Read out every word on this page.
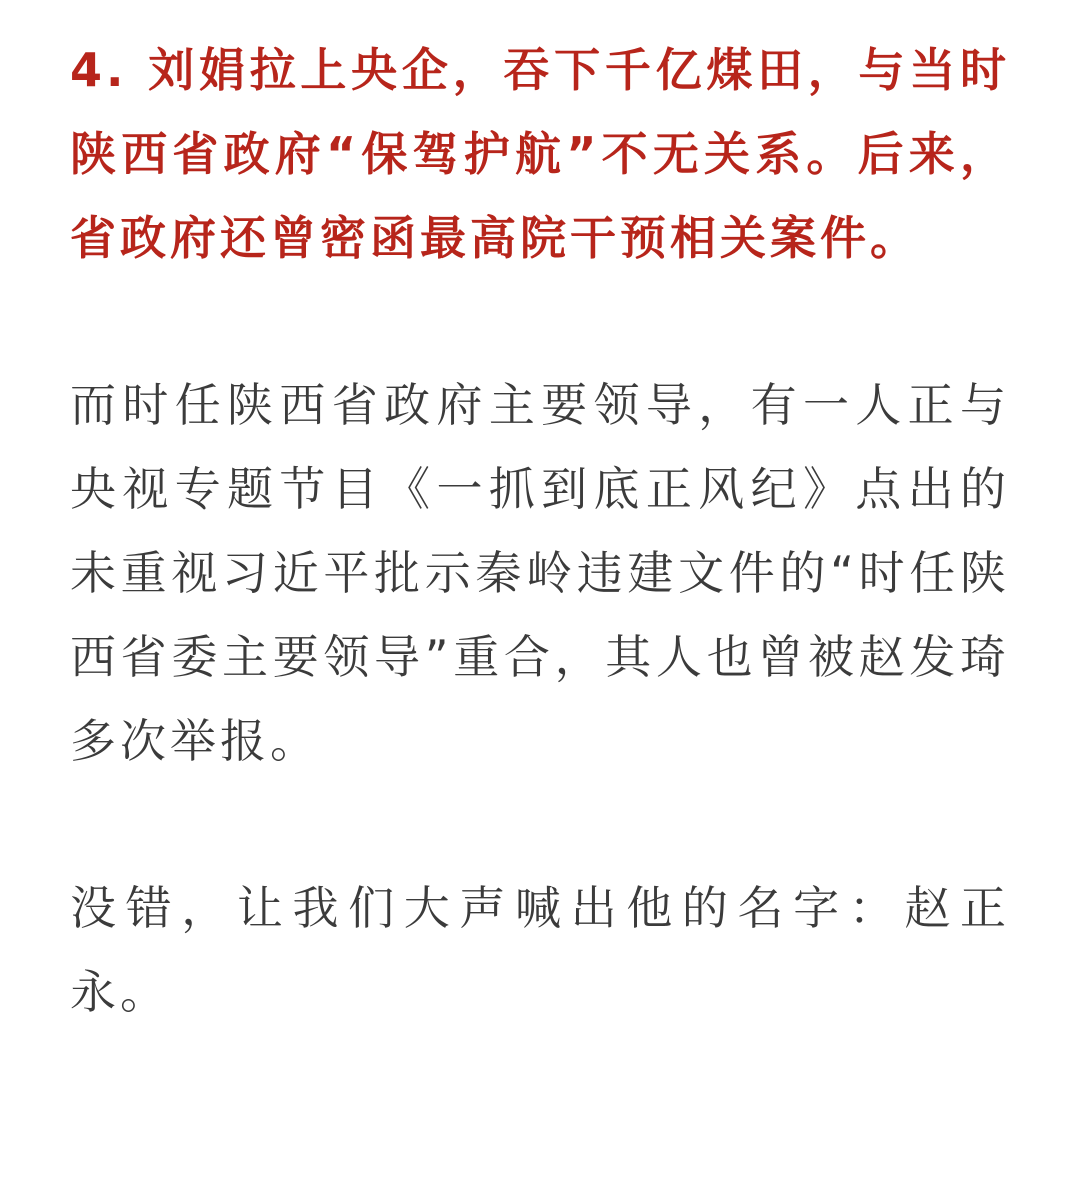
4. 刘娟拉上央企，吞下千亿煤田，与当时陕西省政府“保驾护航”不无关系。后来，省政府还曾密函最高院干预相关案件。

而时任陕西省政府主要领导，有一人正与央视专题节目《一抓到底正风纪》点出的未重视习近平批示秦岭违建文件的“时任陕西省委主要领导”重合，其人也曾被赵发琦多次举报。

没错，让我们大声喊出他的名字：赵正永。
